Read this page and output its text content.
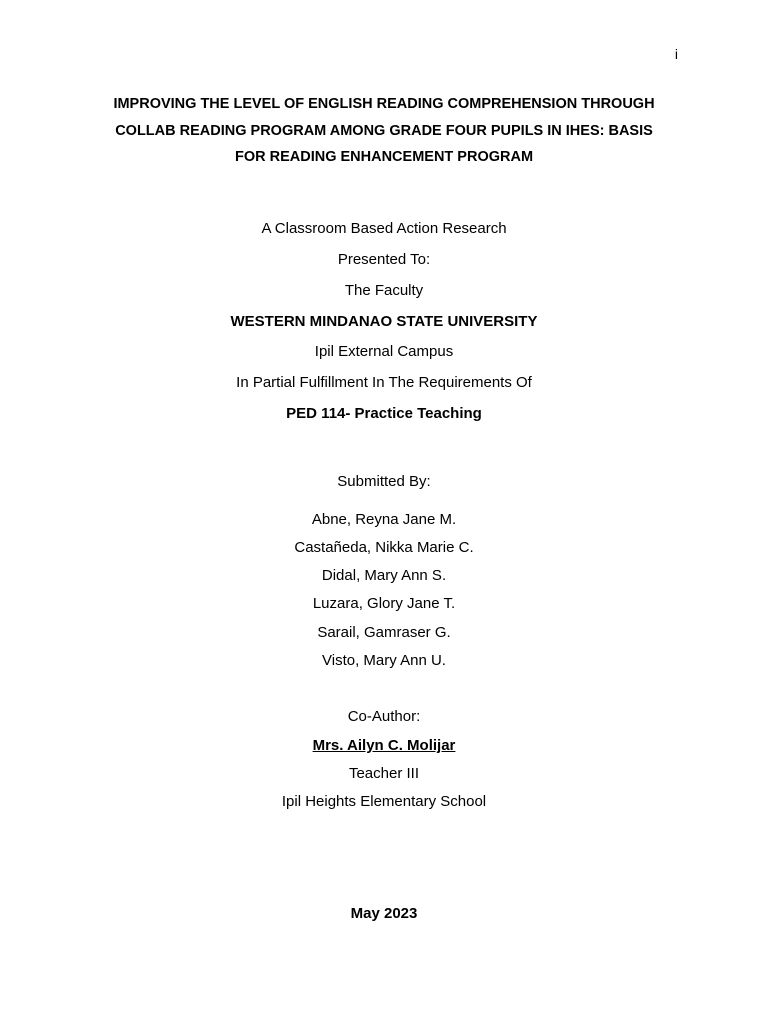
i
IMPROVING THE LEVEL OF ENGLISH READING COMPREHENSION THROUGH
COLLAB READING PROGRAM AMONG GRADE FOUR PUPILS IN IHES: BASIS
FOR READING ENHANCEMENT PROGRAM
A Classroom Based Action Research
Presented To:
The Faculty
WESTERN MINDANAO STATE UNIVERSITY
Ipil External Campus
In Partial Fulfillment In The Requirements Of
PED 114- Practice Teaching
Submitted By:
Abne, Reyna Jane M.
Castañeda, Nikka Marie C.
Didal, Mary Ann S.
Luzara, Glory Jane T.
Sarail, Gamraser G.
Visto, Mary Ann U.
Co-Author:
Mrs. Ailyn C. Molijar
Teacher III
Ipil Heights Elementary School
May 2023
